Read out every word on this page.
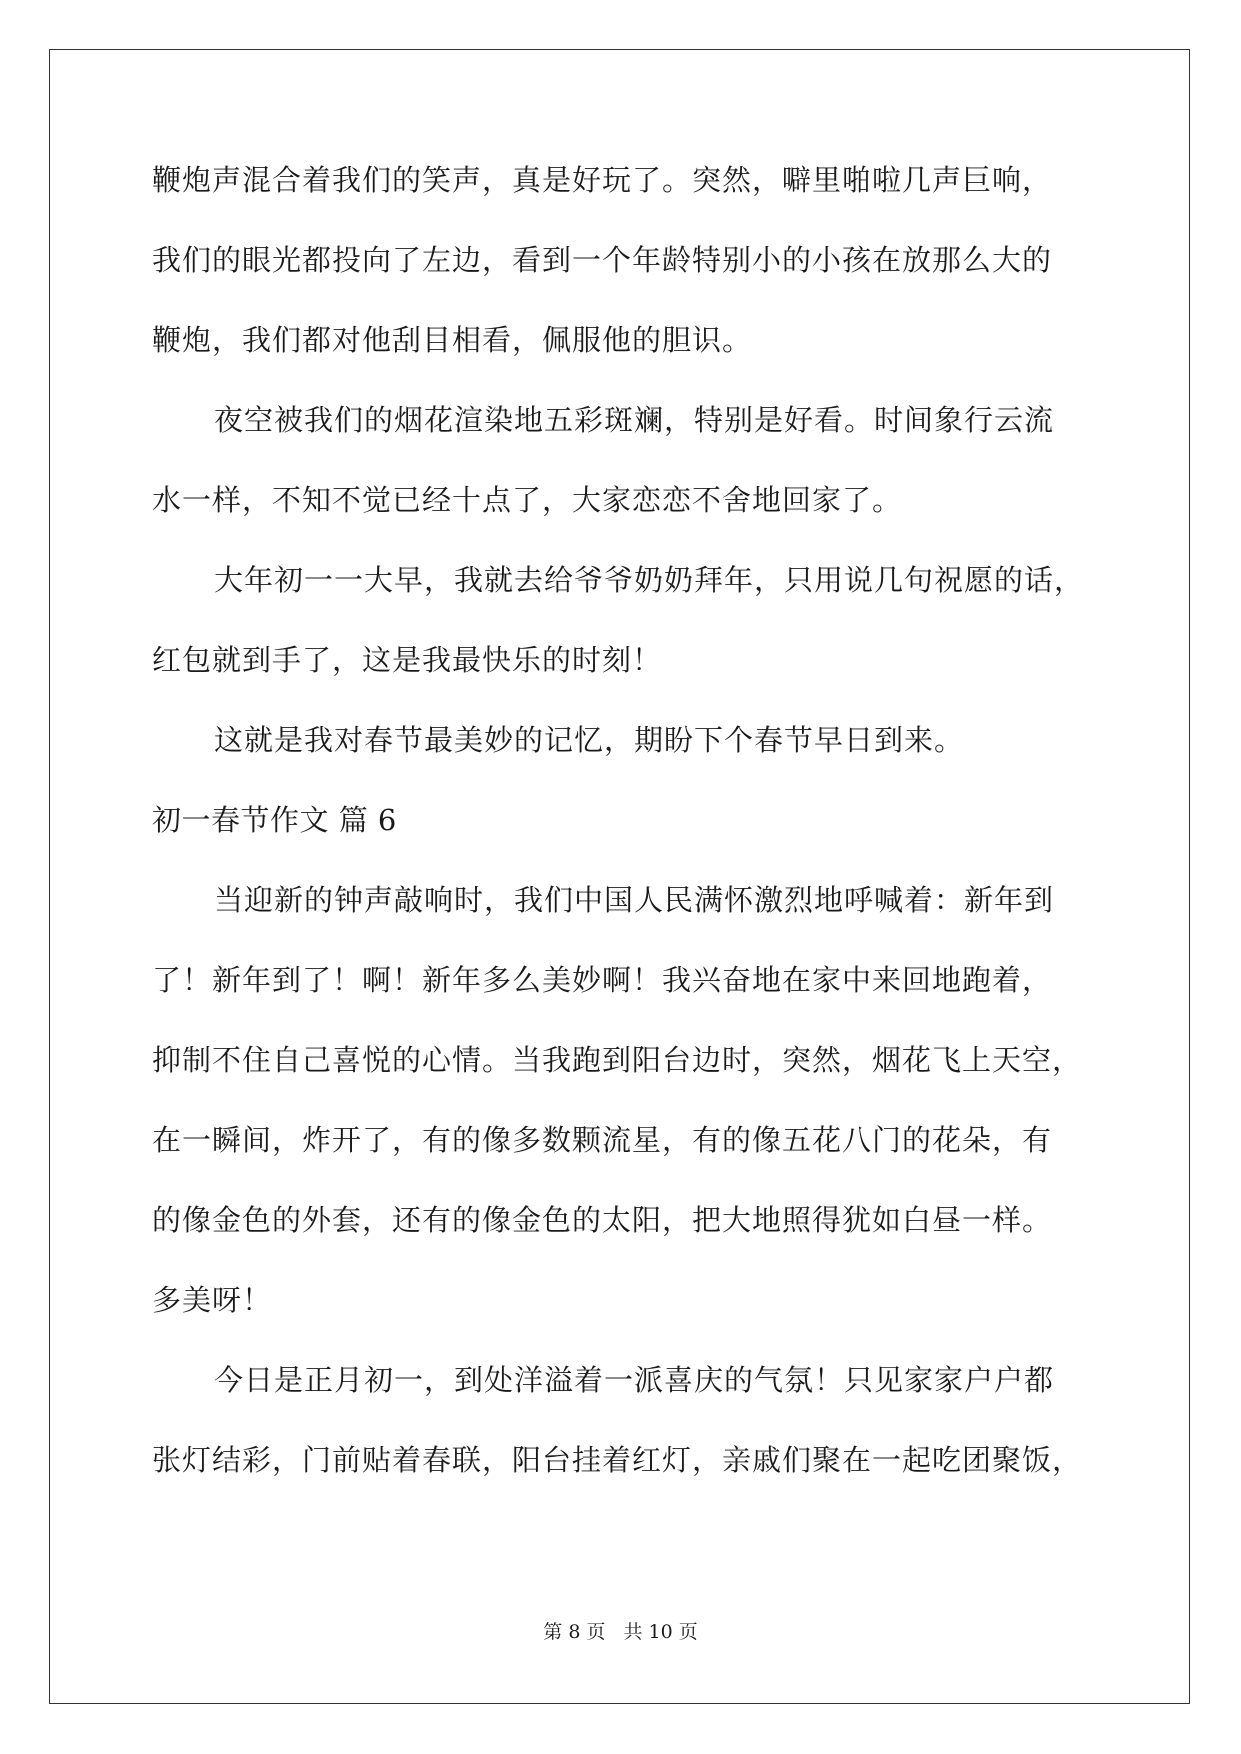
鞭炮声混合着我们的笑声，真是好玩了。突然，噼里啪啦几声巨响，
我们的眼光都投向了左边，看到一个年龄特别小的小孩在放那么大的
鞭炮，我们都对他刮目相看，佩服他的胆识。
夜空被我们的烟花渲染地五彩斑斓，特别是好看。时间象行云流
水一样，不知不觉已经十点了，大家恋恋不舍地回家了。
大年初一一大早，我就去给爷爷奶奶拜年，只用说几句祝愿的话，
红包就到手了，这是我最快乐的时刻！
这就是我对春节最美妙的记忆，期盼下个春节早日到来。
初一春节作文 篇 6
当迎新的钟声敲响时，我们中国人民满怀激烈地呼喊着：新年到
了！新年到了！啊！新年多么美妙啊！我兴奋地在家中来回地跑着，
抑制不住自己喜悦的心情。当我跑到阳台边时，突然，烟花飞上天空，
在一瞬间，炸开了，有的像多数颗流星，有的像五花八门的花朵，有
的像金色的外套，还有的像金色的太阳，把大地照得犹如白昼一样。
多美呀！
今日是正月初一，到处洋溢着一派喜庆的气氛！只见家家户户都
张灯结彩，门前贴着春联，阳台挂着红灯，亲戚们聚在一起吃团聚饭，
第 8 页 共 10 页
